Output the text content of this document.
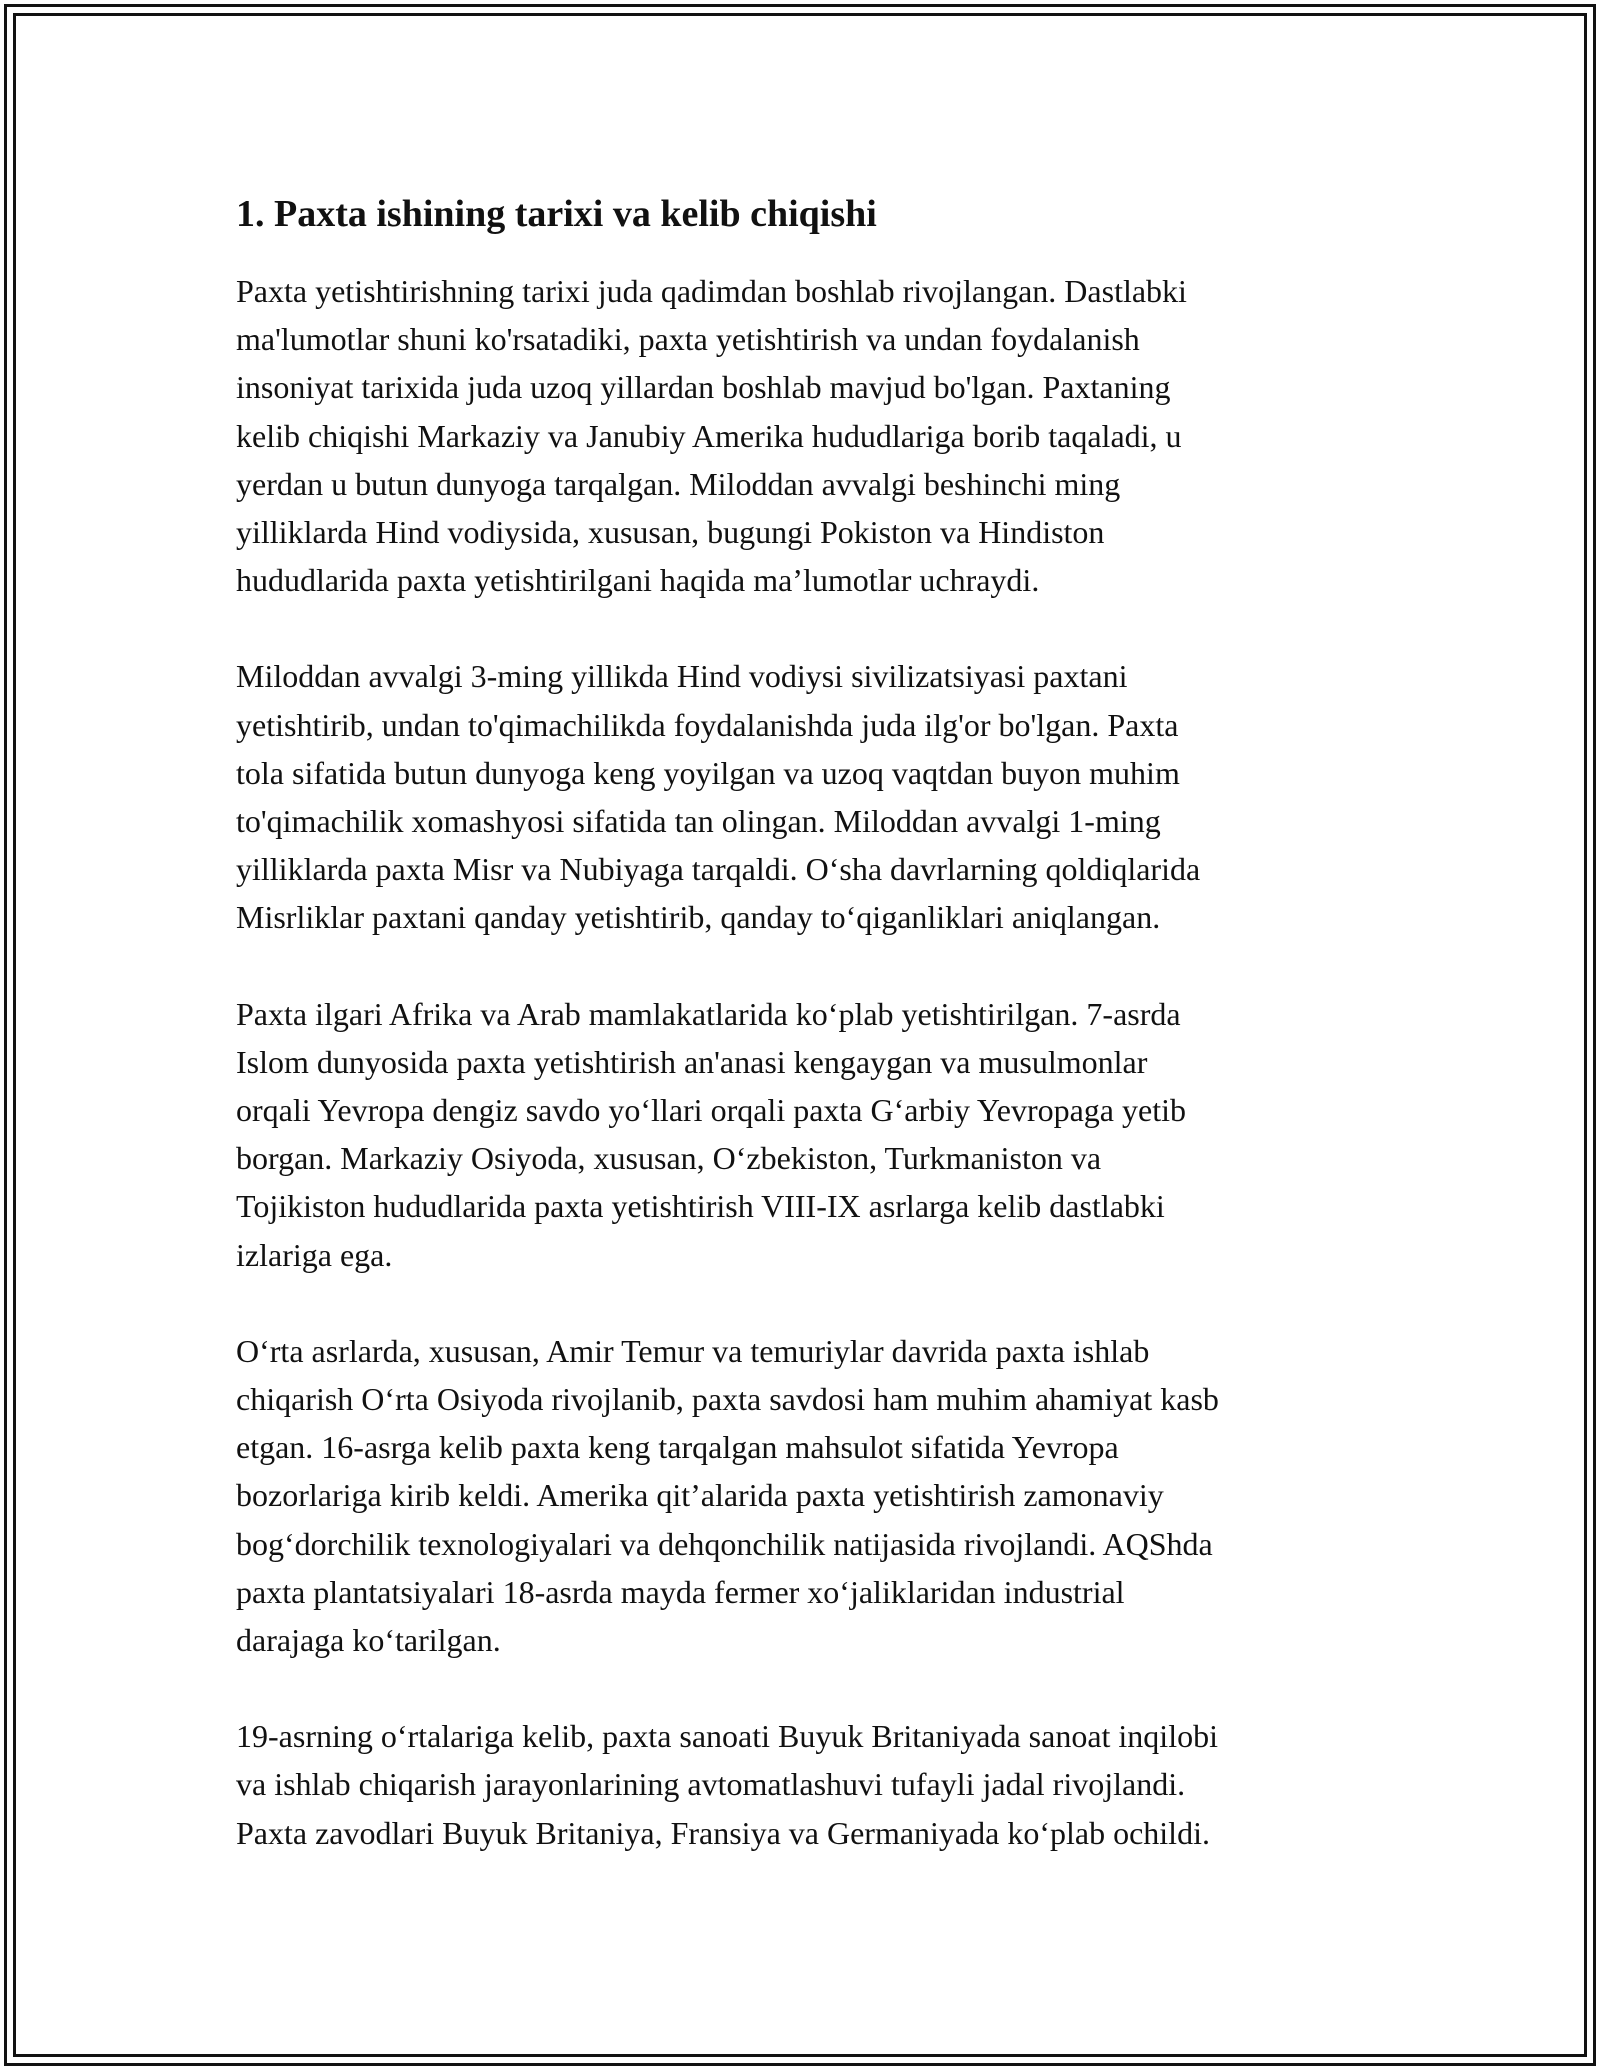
1. Paxta ishining tarixi va kelib chiqishi

Paxta yetishtirishning tarixi juda qadimdan boshlab rivojlangan. Dastlabki
ma'lumotlar shuni ko'rsatadiki, paxta yetishtirish va undan foydalanish
insoniyat tarixida juda uzoq yillardan boshlab mavjud bo'lgan. Paxtaning
kelib chiqishi Markaziy va Janubiy Amerika hududlariga borib taqaladi, u
yerdan u butun dunyoga tarqalgan. Miloddan avvalgi beshinchi ming
yilliklarda Hind vodiysida, xususan, bugungi Pokiston va Hindiston
hududlarida paxta yetishtirilgani haqida ma’lumotlar uchraydi.

Miloddan avvalgi 3-ming yillikda Hind vodiysi sivilizatsiyasi paxtani
yetishtirib, undan to'qimachilikda foydalanishda juda ilg'or bo'lgan. Paxta
tola sifatida butun dunyoga keng yoyilgan va uzoq vaqtdan buyon muhim
to'qimachilik xomashyosi sifatida tan olingan. Miloddan avvalgi 1-ming
yilliklarda paxta Misr va Nubiyaga tarqaldi. O‘sha davrlarning qoldiqlarida
Misrliklar paxtani qanday yetishtirib, qanday to‘qiganliklari aniqlangan.

Paxta ilgari Afrika va Arab mamlakatlarida ko‘plab yetishtirilgan. 7-asrda
Islom dunyosida paxta yetishtirish an'anasi kengaygan va musulmonlar
orqali Yevropa dengiz savdo yo‘llari orqali paxta G‘arbiy Yevropaga yetib
borgan. Markaziy Osiyoda, xususan, O‘zbekiston, Turkmaniston va
Tojikiston hududlarida paxta yetishtirish VIII-IX asrlarga kelib dastlabki
izlariga ega.

O‘rta asrlarda, xususan, Amir Temur va temuriylar davrida paxta ishlab
chiqarish O‘rta Osiyoda rivojlanib, paxta savdosi ham muhim ahamiyat kasb
etgan. 16-asrga kelib paxta keng tarqalgan mahsulot sifatida Yevropa
bozorlariga kirib keldi. Amerika qit’alarida paxta yetishtirish zamonaviy
bog‘dorchilik texnologiyalari va dehqonchilik natijasida rivojlandi. AQShda
paxta plantatsiyalari 18-asrda mayda fermer xo‘jaliklaridan industrial
darajaga ko‘tarilgan.

19-asrning o‘rtalariga kelib, paxta sanoati Buyuk Britaniyada sanoat inqilobi
va ishlab chiqarish jarayonlarining avtomatlashuvi tufayli jadal rivojlandi.
Paxta zavodlari Buyuk Britaniya, Fransiya va Germaniyada ko‘plab ochildi.
